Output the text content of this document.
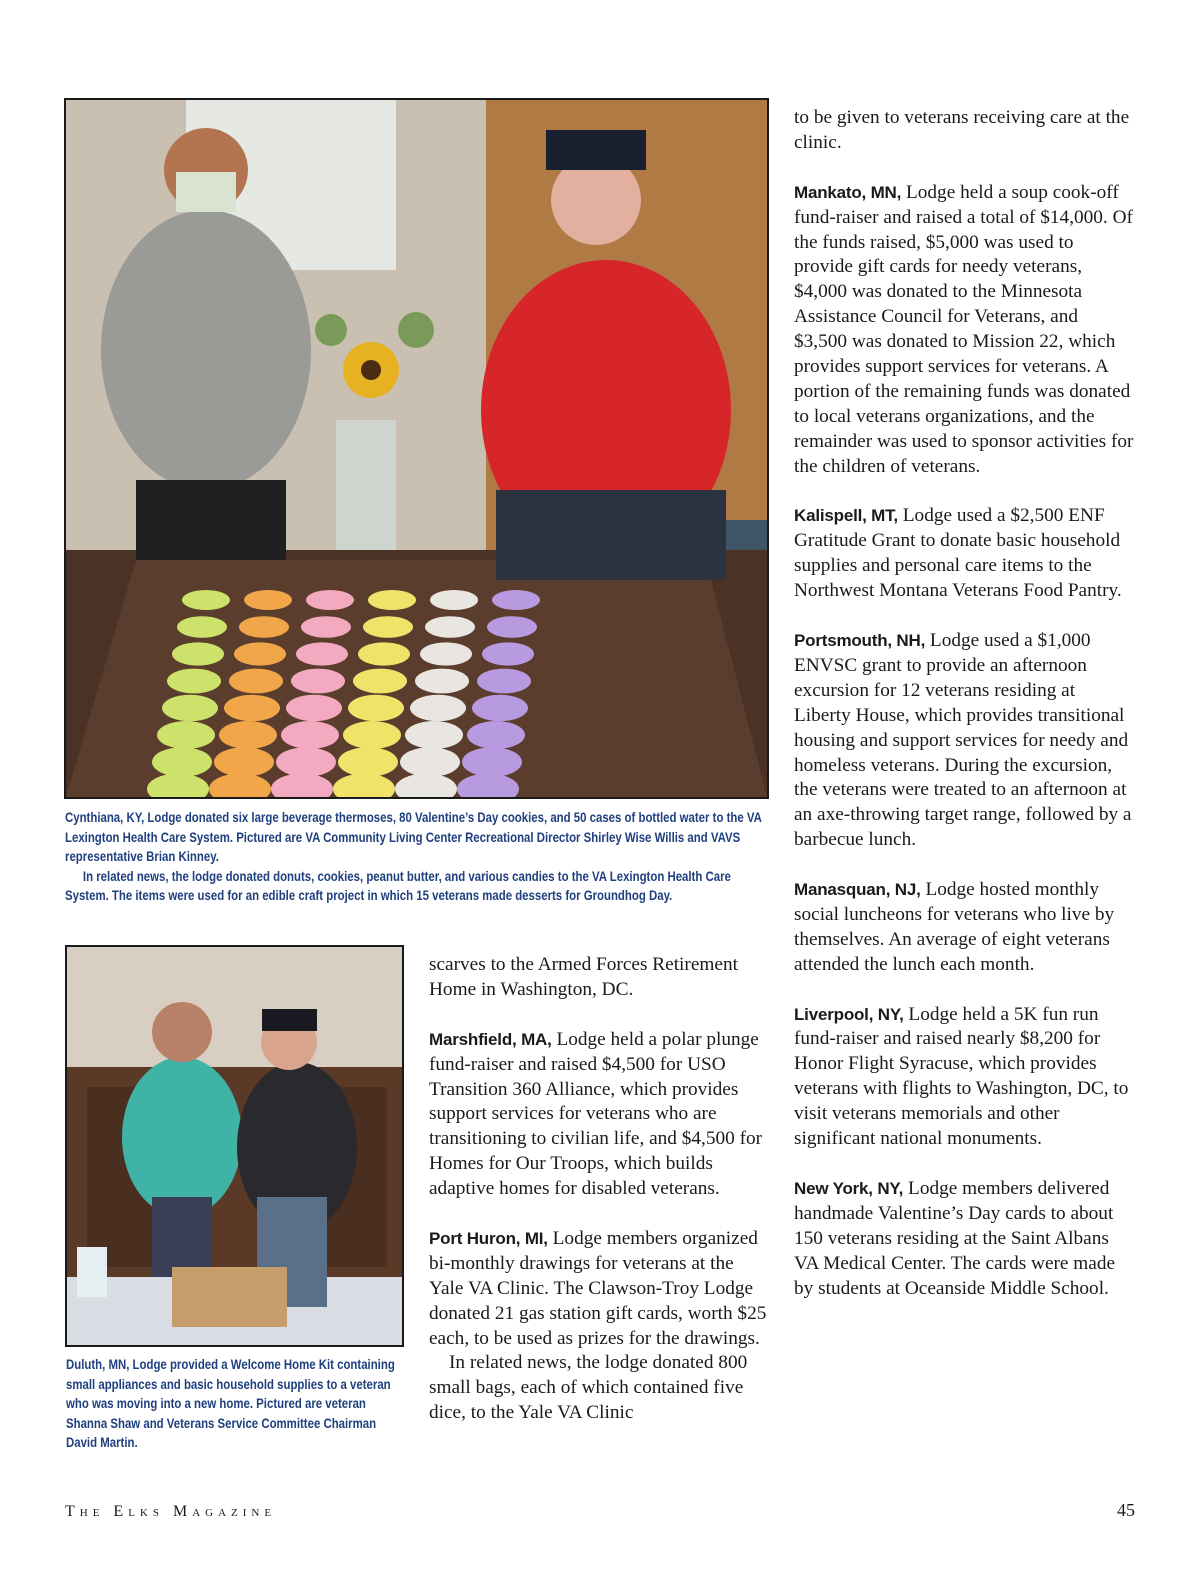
Cynthiana, KY, Lodge donated six large beverage thermoses, 80 Valentine’s Day cookies, and 50 cases of bottled water to the VA Lexington Health Care System. Pictured are VA Community Living Center Recreational Director Shirley Wise Willis and VAVS representative Brian Kinney.

In related news, the lodge donated donuts, cookies, peanut butter, and various candies to the VA Lexington Health Care System. The items were used for an edible craft project in which 15 veterans made desserts for Groundhog Day.

Duluth, MN, Lodge provided a Welcome Home Kit containing small appliances and basic household supplies to a veteran who was moving into a new home. Pictured are veteran Shanna Shaw and Veterans Service Committee Chairman David Martin.

scarves to the Armed Forces Retirement Home in Washington, DC.

Marshfield, MA, Lodge held a polar plunge fund-raiser and raised $4,500 for USO Transition 360 Alliance, which provides support services for veterans who are transitioning to civilian life, and $4,500 for Homes for Our Troops, which builds adaptive homes for disabled veterans.

Port Huron, MI, Lodge members organized bi-monthly drawings for veterans at the Yale VA Clinic. The Clawson-Troy Lodge donated 21 gas station gift cards, worth $25 each, to be used as prizes for the drawings.

In related news, the lodge donated 800 small bags, each of which contained five dice, to the Yale VA Clinic

to be given to veterans receiving care at the clinic.

Mankato, MN, Lodge held a soup cook-off fund-raiser and raised a total of $14,000. Of the funds raised, $5,000 was used to provide gift cards for needy veterans, $4,000 was donated to the Minnesota Assistance Council for Veterans, and $3,500 was donated to Mission 22, which provides support services for veterans. A portion of the remaining funds was donated to local veterans organizations, and the remainder was used to sponsor activities for the children of veterans.

Kalispell, MT, Lodge used a $2,500 ENF Gratitude Grant to donate basic household supplies and personal care items to the Northwest Montana Veterans Food Pantry.

Portsmouth, NH, Lodge used a $1,000 ENVSC grant to provide an afternoon excursion for 12 veterans residing at Liberty House, which provides transitional housing and support services for needy and homeless veterans. During the excursion, the veterans were treated to an afternoon at an axe-throwing target range, followed by a barbecue lunch.

Manasquan, NJ, Lodge hosted monthly social luncheons for veterans who live by themselves. An average of eight veterans attended the lunch each month.

Liverpool, NY, Lodge held a 5K fun run fund-raiser and raised nearly $8,200 for Honor Flight Syracuse, which provides veterans with flights to Washington, DC, to visit veterans memorials and other significant national monuments.

New York, NY, Lodge members delivered handmade Valentine’s Day cards to about 150 veterans residing at the Saint Albans VA Medical Center. The cards were made by students at Oceanside Middle School.

The Elks Magazine	45
